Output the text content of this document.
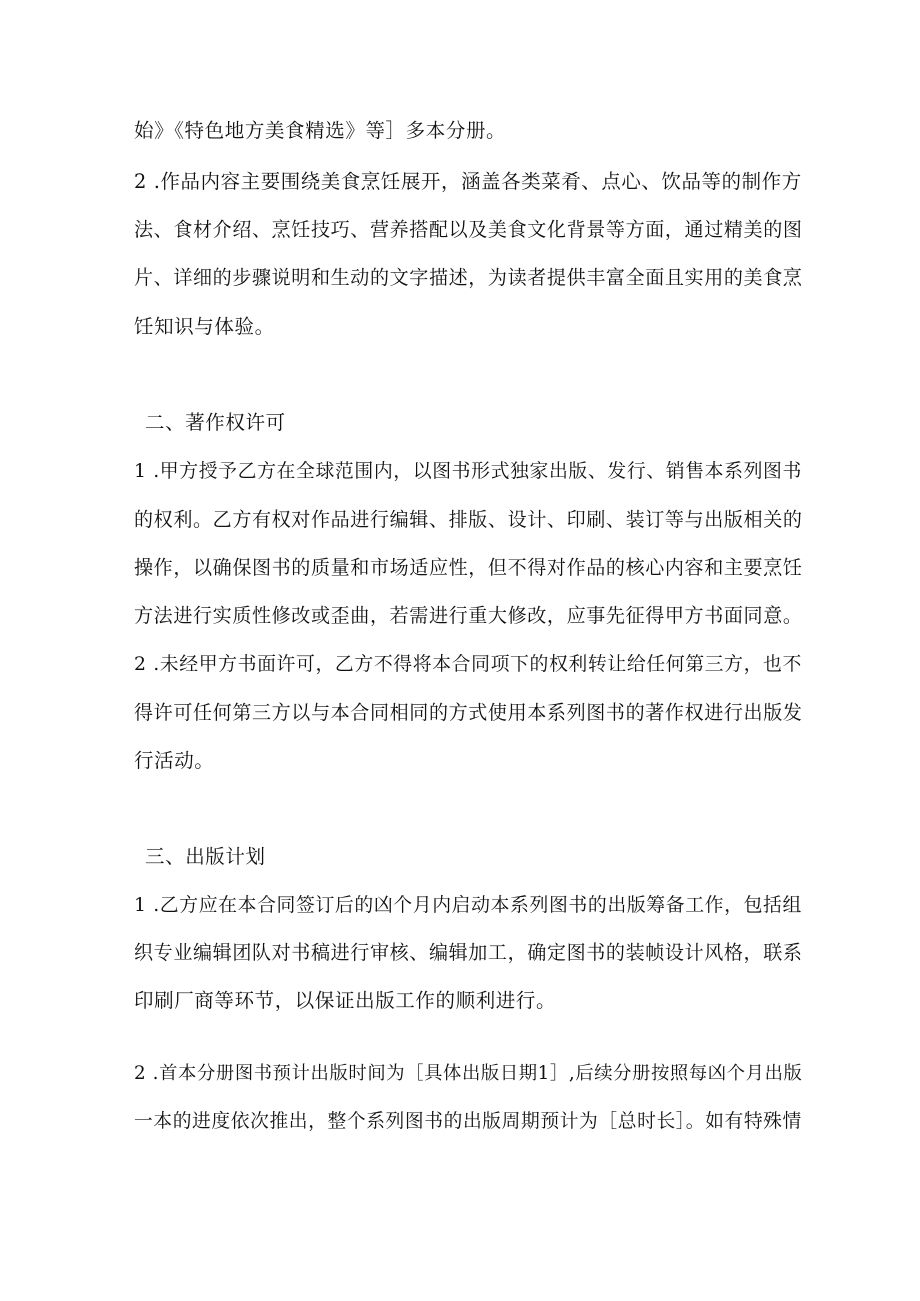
始》《特色地方美食精选》等］多本分册。

2 .作品内容主要围绕美食烹饪展开，涵盖各类菜肴、点心、饮品等的制作方

法、食材介绍、烹饪技巧、营养搭配以及美食文化背景等方面，通过精美的图

片、详细的步骤说明和生动的文字描述，为读者提供丰富全面且实用的美食烹

饪知识与体验。

二、著作权许可

1 .甲方授予乙方在全球范围内，以图书形式独家出版、发行、销售本系列图书

的权利。乙方有权对作品进行编辑、排版、设计、印刷、装订等与出版相关的

操作，以确保图书的质量和市场适应性，但不得对作品的核心内容和主要烹饪

方法进行实质性修改或歪曲，若需进行重大修改，应事先征得甲方书面同意。

2 .未经甲方书面许可，乙方不得将本合同项下的权利转让给任何第三方，也不

得许可任何第三方以与本合同相同的方式使用本系列图书的著作权进行出版发

行活动。

三、出版计划

1 .乙方应在本合同签订后的凶个月内启动本系列图书的出版筹备工作，包括组

织专业编辑团队对书稿进行审核、编辑加工，确定图书的装帧设计风格，联系

印刷厂商等环节，以保证出版工作的顺利进行。

2 .首本分册图书预计出版时间为［具体出版日期1］,后续分册按照每凶个月出版

一本的进度依次推出，整个系列图书的出版周期预计为［总时长］。如有特殊情
